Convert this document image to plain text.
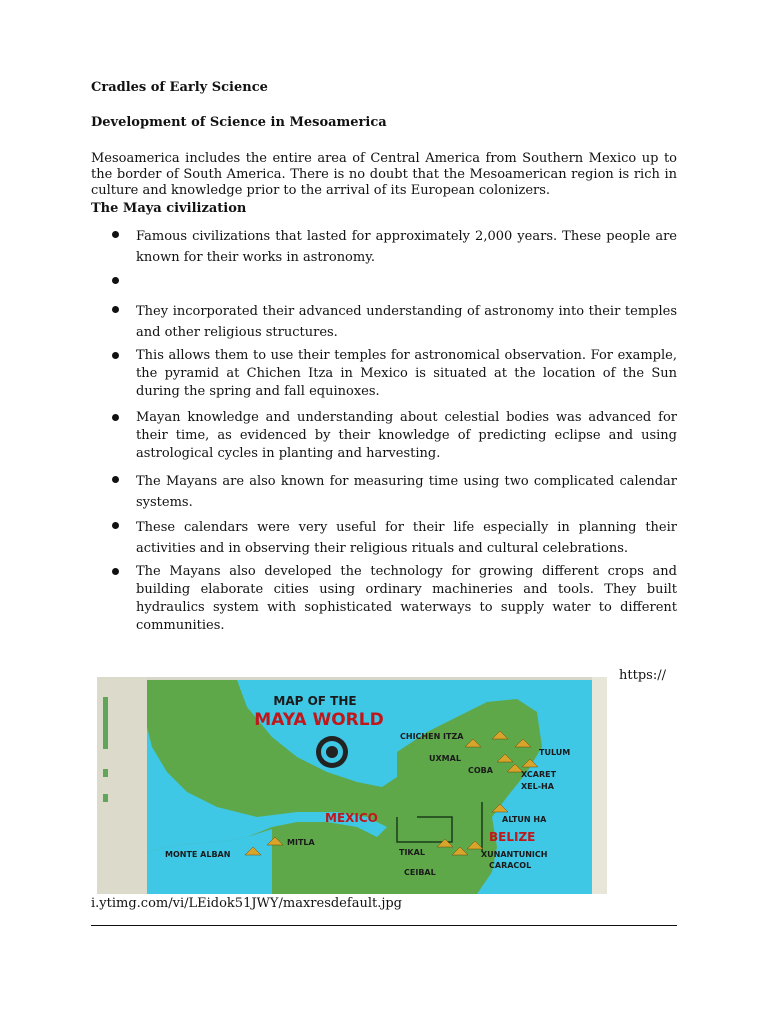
Cradles of Early Science
Development of Science in Mesoamerica
Mesoamerica includes the entire area of Central America from Southern Mexico up to the border of South America. There is no doubt that the Mesoamerican region is rich in culture and knowledge prior to the arrival of its European colonizers.
The Maya civilization

Famous civilizations that lasted for approximately 2,000 years. These people are known for their works in astronomy.

They incorporated their advanced understanding of astronomy into their temples and other religious structures.

This allows them to use their temples for astronomical observation. For example, the pyramid at Chichen Itza in Mexico is situated at the location of the Sun during the spring and fall equinoxes.

Mayan knowledge and understanding about celestial bodies was advanced for their time, as evidenced by their knowledge of predicting eclipse and using astrological cycles in planting and harvesting.

The Mayans are also known for measuring time using two complicated calendar systems.

These calendars were very useful for their life especially in planning their activities and in observing their religious rituals and cultural celebrations.

The Mayans also developed the technology for growing different crops and building elaborate cities using ordinary machineries and tools. They built hydraulics system with sophisticated waterways to supply water to different communities.

https://
MAP OF THE
MAYA WORLD
CHICHEN ITZA
TULUM
UXMAL
COBA	XCARET
XEL-HA
ALTUN HA
MONTE ALBAN
MITLA
TIKAL
CEIBAL
XUNANTUNICH
CARACOL
MEXICO
BELIZE
i.ytimg.com/vi/LEidok51JWY/maxresdefault.jpg
